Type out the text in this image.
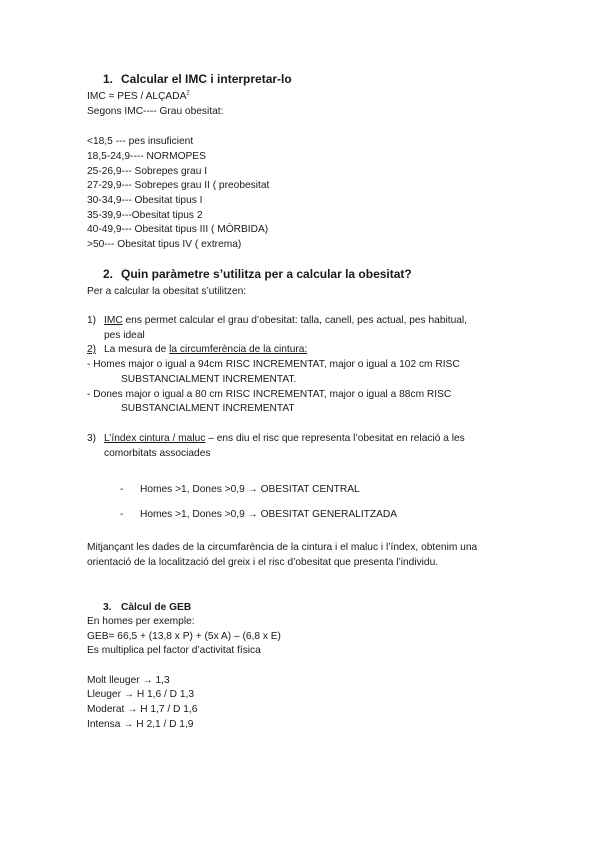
1. Calcular el IMC i interpretar-lo
IMC = PES / ALÇADA$^2$
Segons IMC---- Grau obesitat:
<18,5 --- pes insuficient
18,5-24,9---- NORMOPES
25-26,9--- Sobrepes grau I
27-29,9--- Sobrepes grau II ( preobesitat
30-34,9--- Obesitat tipus I
35-39,9---Obesitat tipus 2
40-49,9--- Obesitat tipus III ( MÒRBIDA)
>50--- Obesitat tipus IV ( extrema)
2. Quin paràmetre s’utilitza per a calcular la obesitat?
Per a calcular la obesitat s’utilitzen:
1) IMC ens permet calcular el grau d’obesitat: talla, canell, pes actual, pes habitual,
pes ideal
2) La mesura de la circumferència de la cintura:
- Homes major o igual a 94cm RISC INCREMENTAT, major o igual a 102 cm RISC
SUBSTANCIALMENT INCREMENTAT.
- Dones major o igual a 80 cm RISC INCREMENTAT, major o igual a 88cm RISC
SUBSTANCIALMENT INCREMENTAT
3) L’índex cintura / maluc – ens diu el risc que representa l’obesitat en relació a les
comorbitats associades
- Homes >1, Dones >0,9 → OBESITAT CENTRAL
- Homes >1, Dones >0,9 → OBESITAT GENERALITZADA
Mitjançant les dades de la circumfarència de la cintura i el maluc i l’índex, obtenim una
orientació de la localització del greix i el risc d’obesitat que presenta l’individu.
3. Càlcul de GEB
En homes per exemple:
GEB= 66,5 + (13,8 x P) + (5x A) – (6,8 x E)
Es multiplica pel factor d’activitat física
Molt lleuger → 1,3
Lleuger → H 1,6 / D 1,3
Moderat → H 1,7 / D 1,6
Intensa → H 2,1 / D 1,9
